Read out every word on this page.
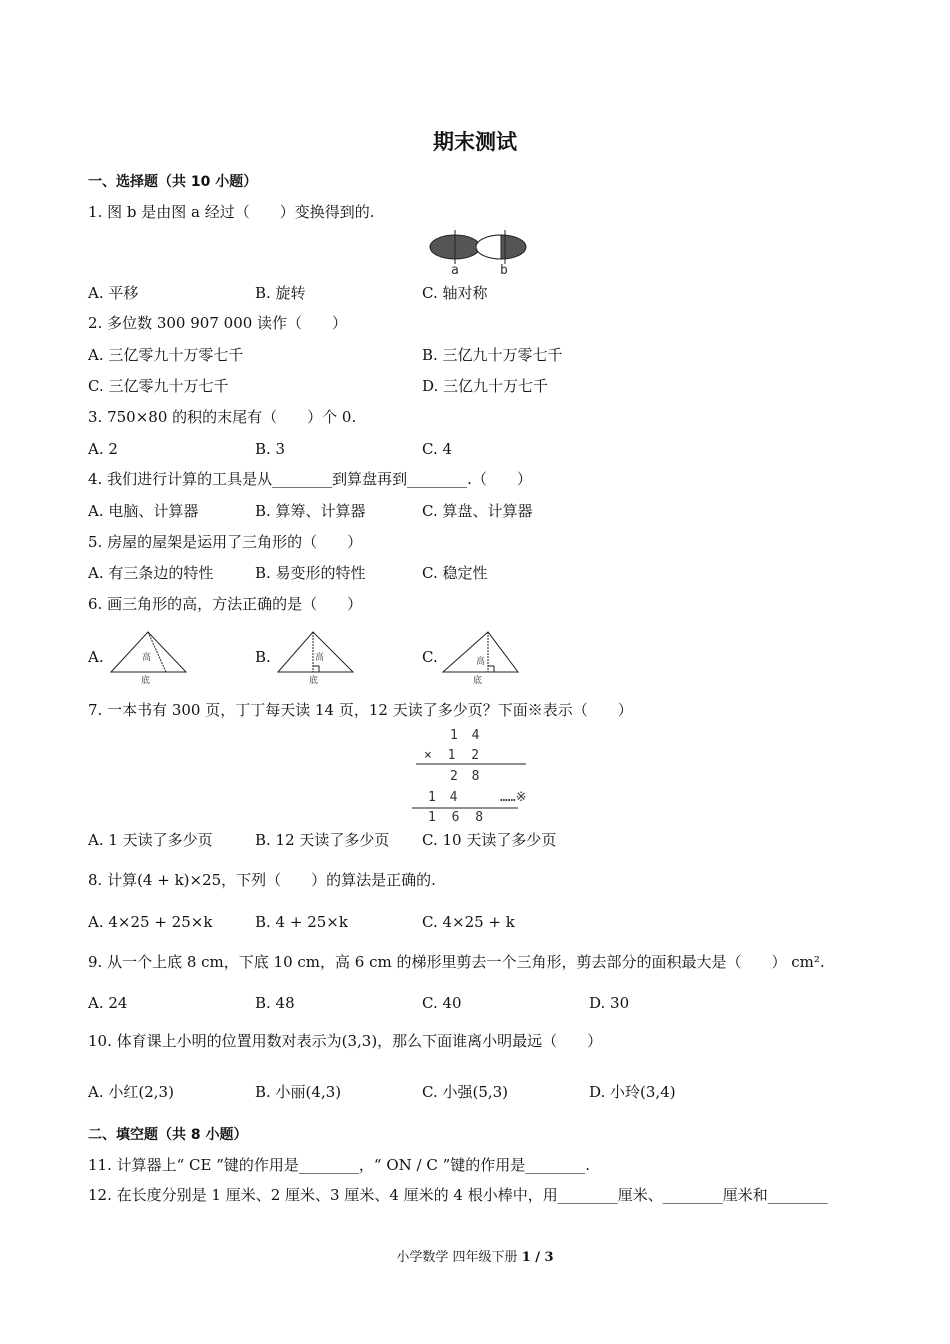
期末测试
一、选择题（共 10 小题）
1. 图 b 是由图 a 经过（　　）变换得到的.
a	b
A. 平移	B. 旋转	C. 轴对称
2. 多位数 300 907 000 读作（　　）
A. 三亿零九十万零七千	B. 三亿九十万零七千
C. 三亿零九十万七千	D. 三亿九十万七千
3. 750×80 的积的末尾有（　　）个 0.
A. 2	B. 3	C. 4
4. 我们进行计算的工具是从________到算盘再到________.（　　）
A. 电脑、计算器	B. 算筹、计算器	C. 算盘、计算器
5. 房屋的屋架是运用了三角形的（　　）
A. 有三条边的特性	B. 易变形的特性	C. 稳定性
6. 画三角形的高，方法正确的是（　　）
A.	B.	C.
高
底
高
底
高
底
7. 一本书有 300 页，丁丁每天读 14 页，12 天读了多少页？下面※表示（　　）
1 4
× 1 2
2 8
1 4	……※
1 6 8
A. 1 天读了多少页	B. 12 天读了多少页 C. 10 天读了多少页
8. 计算(4 + k)×25，下列（　　）的算法是正确的.
A. 4×25 + 25×k	B. 4 + 25×k	C. 4×25 + k
9. 从一个上底 8 cm，下底 10 cm，高 6 cm 的梯形里剪去一个三角形，剪去部分的面积最大是（　　） cm².
A. 24	B. 48	C. 40	D. 30
10. 体育课上小明的位置用数对表示为(3,3)，那么下面谁离小明最远（　　）
A. 小红(2,3)	B. 小丽(4,3)	C. 小强(5,3)	D. 小玲(3,4)
二、填空题（共 8 小题）
11. 计算器上“ CE ”键的作用是________，“ ON / C ”键的作用是________.
12. 在长度分别是 1 厘米、2 厘米、3 厘米、4 厘米的 4 根小棒中，用________厘米、________厘米和________
小学数学 四年级下册 1 / 3
